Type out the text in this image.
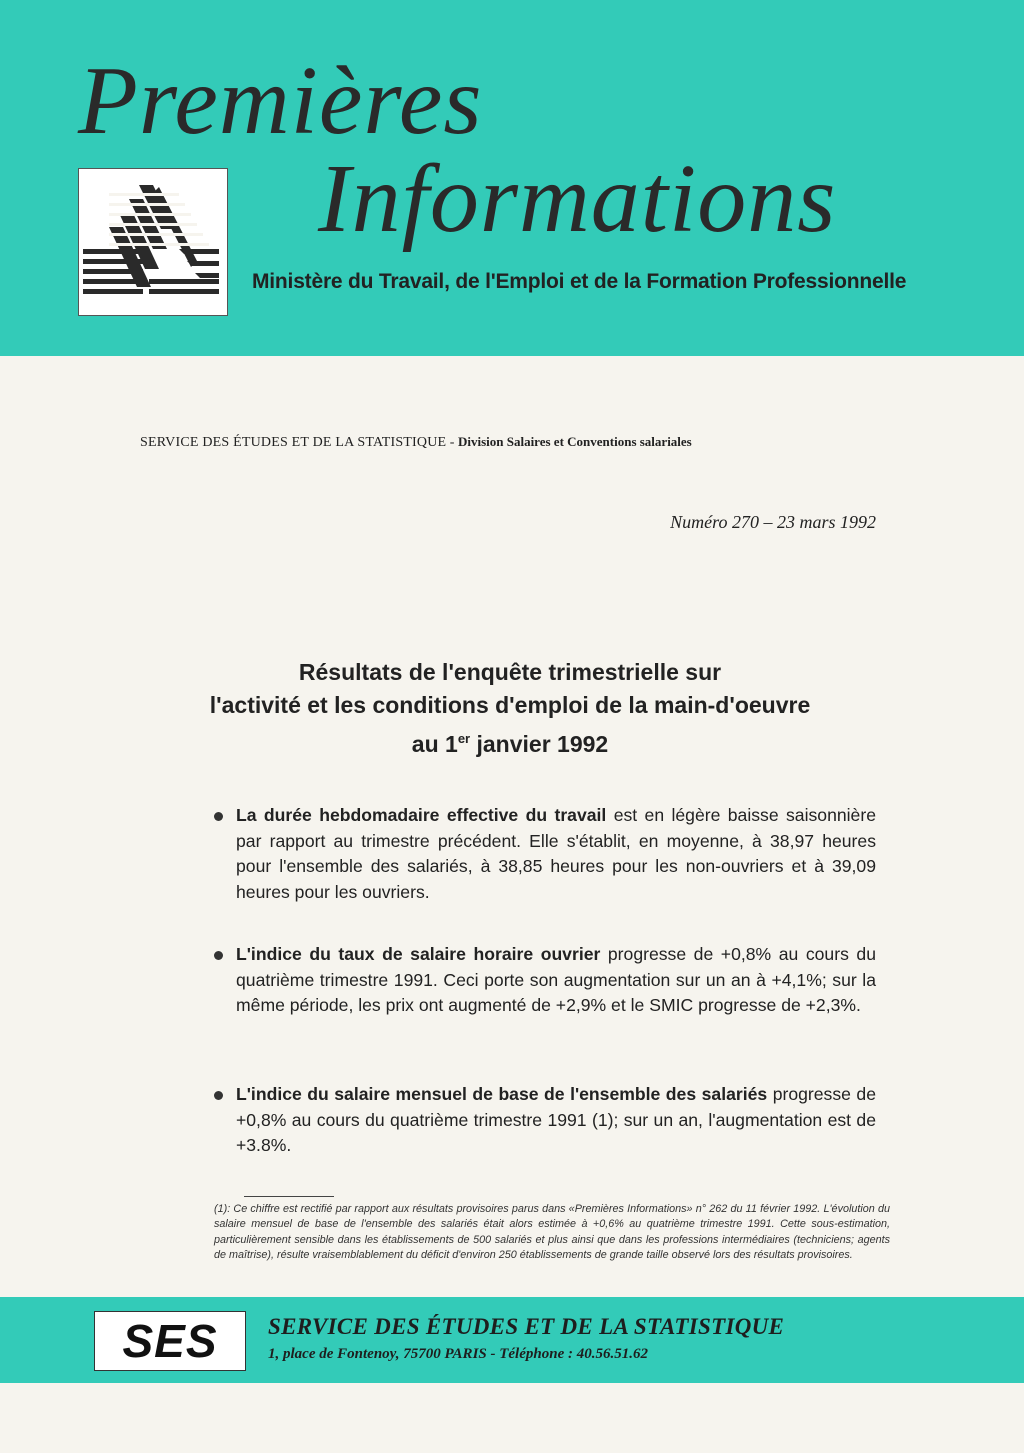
Premières
Informations
Ministère du Travail, de l'Emploi et de la Formation Professionnelle
SERVICE DES ÉTUDES ET DE LA STATISTIQUE - Division Salaires et Conventions salariales
Numéro 270 – 23 mars 1992
Résultats de l'enquête trimestrielle sur
l'activité et les conditions d'emploi de la main-d'oeuvre
au 1er janvier 1992
La durée hebdomadaire effective du travail est en légère baisse saisonnière par rapport au trimestre précédent. Elle s'établit, en moyenne, à 38,97 heures pour l'ensemble des salariés, à 38,85 heures pour les non-ouvriers et à 39,09 heures pour les ouvriers.
L'indice du taux de salaire horaire ouvrier progresse de +0,8% au cours du quatrième trimestre 1991. Ceci porte son augmentation sur un an à +4,1%; sur la même période, les prix ont augmenté de +2,9% et le SMIC progresse de +2,3%.
L'indice du salaire mensuel de base de l'ensemble des salariés progresse de +0,8% au cours du quatrième trimestre 1991 (1); sur un an, l'augmentation est de +3.8%.
(1): Ce chiffre est rectifié par rapport aux résultats provisoires parus dans «Premières Informations» n° 262 du 11 février 1992. L'évolution du salaire mensuel de base de l'ensemble des salariés était alors estimée à +0,6% au quatrième trimestre 1991. Cette sous-estimation, particulièrement sensible dans les établissements de 500 salariés et plus ainsi que dans les professions intermédiaires (techniciens; agents de maîtrise), résulte vraisemblablement du déficit d'environ 250 établissements de grande taille observé lors des résultats provisoires.
SES	SERVICE DES ÉTUDES ET DE LA STATISTIQUE
1, place de Fontenoy, 75700 PARIS - Téléphone : 40.56.51.62
